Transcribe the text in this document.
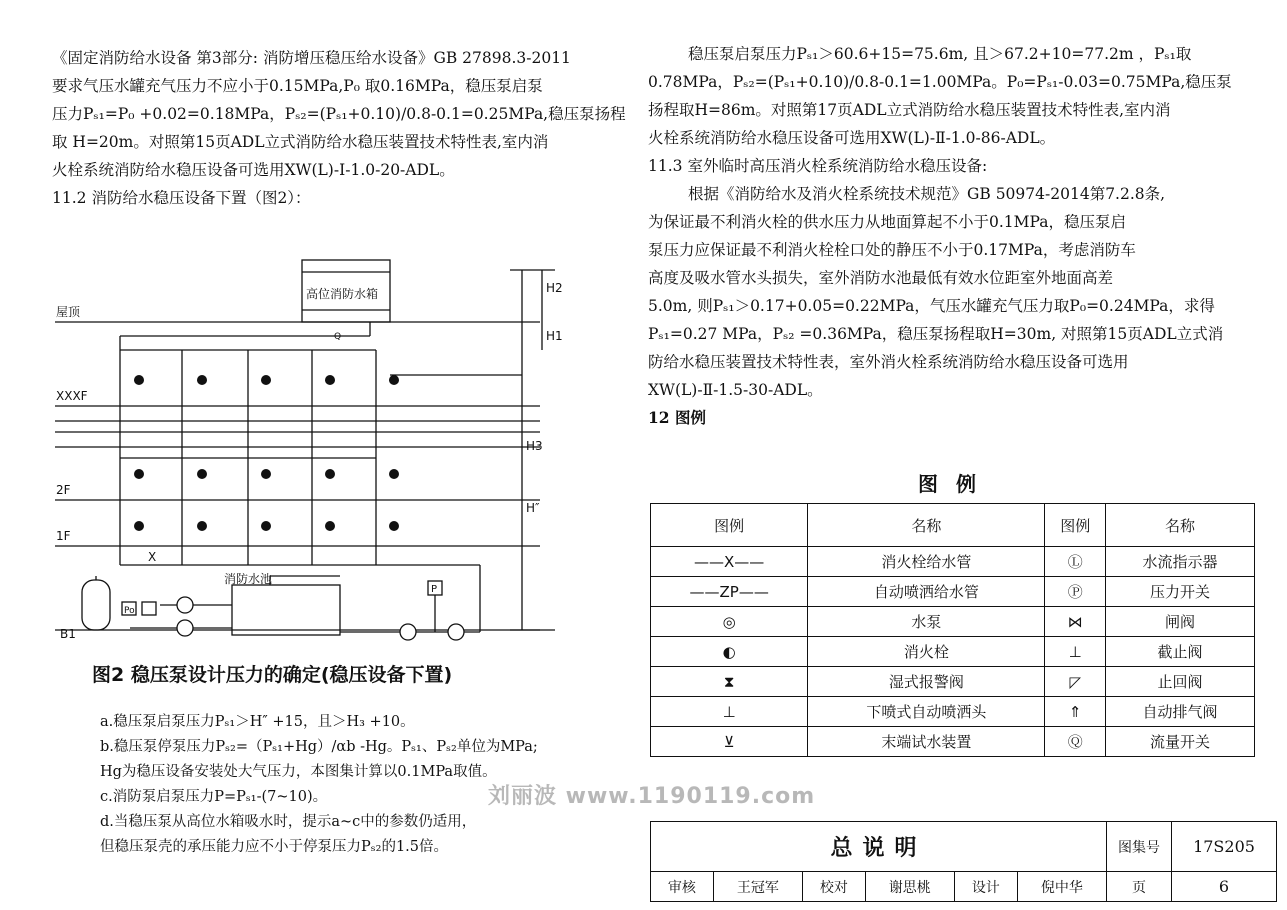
《固定消防给水设备 第3部分: 消防增压稳压给水设备》GB 27898.3-2011
要求气压水罐充气压力不应小于0.15MPa,P₀ 取0.16MPa，稳压泵启泵
压力Pₛ₁=P₀ +0.02=0.18MPa，Pₛ₂=(Pₛ₁+0.10)/0.8-0.1=0.25MPa,稳压泵扬程
取 H=20m。对照第15页ADL立式消防给水稳压装置技术特性表,室内消
火栓系统消防给水稳压设备可选用XW(L)-I-1.0-20-ADL。
11.2 消防给水稳压设备下置（图2）：
高位消防水箱
消防水池
屋顶
XXXF
2F
1F
B1
H2
H1
H3
H″
X
Po
Q
P
图2 稳压泵设计压力的确定(稳压设备下置)
a.稳压泵启泵压力Pₛ₁＞H″ +15，且＞H₃ +10。
b.稳压泵停泵压力Pₛ₂=（Pₛ₁+Hg）/αb -Hg。Pₛ₁、Pₛ₂单位为MPa;
Hg为稳压设备安装处大气压力，本图集计算以0.1MPa取值。
c.消防泵启泵压力P=Pₛ₁-(7~10)。
d.当稳压泵从高位水箱吸水时，提示a~c中的参数仍适用，
但稳压泵壳的承压能力应不小于停泵压力Pₛ₂的1.5倍。
稳压泵启泵压力Pₛ₁＞60.6+15=75.6m, 且＞67.2+10=77.2m ，Pₛ₁取
0.78MPa，Pₛ₂=(Pₛ₁+0.10)/0.8-0.1=1.00MPa。P₀=Pₛ₁-0.03=0.75MPa,稳压泵
扬程取H=86m。对照第17页ADL立式消防给水稳压装置技术特性表,室内消
火栓系统消防给水稳压设备可选用XW(L)-Ⅱ-1.0-86-ADL。
11.3 室外临时高压消火栓系统消防给水稳压设备:
根据《消防给水及消火栓系统技术规范》GB 50974-2014第7.2.8条,
为保证最不利消火栓的供水压力从地面算起不小于0.1MPa，稳压泵启
泵压力应保证最不利消火栓栓口处的静压不小于0.17MPa，考虑消防车
高度及吸水管水头损失，室外消防水池最低有效水位距室外地面高差
5.0m, 则Pₛ₁＞0.17+0.05=0.22MPa，气压水罐充气压力取P₀=0.24MPa，求得
Pₛ₁=0.27 MPa，Pₛ₂ =0.36MPa，稳压泵扬程取H=30m, 对照第15页ADL立式消
防给水稳压装置技术特性表，室外消火栓系统消防给水稳压设备可选用
XW(L)-Ⅱ-1.5-30-ADL。
12 图例
图例
图例	名称	图例	名称
——X——	消火栓给水管	Ⓛ	水流指示器
——ZP——	自动喷洒给水管	Ⓟ	压力开关
◎	水泵	⋈	闸阀
◐	消火栓	⊥	截止阀
⧗	湿式报警阀	◸	止回阀
⊥	下喷式自动喷洒头	⇑	自动排气阀
⊻	末端试水装置	Ⓠ	流量开关
刘丽波 www.1190119.com
总说明						图集号	17S205
审核	王冠军	校对	谢思桃	设计	倪中华	页	6
